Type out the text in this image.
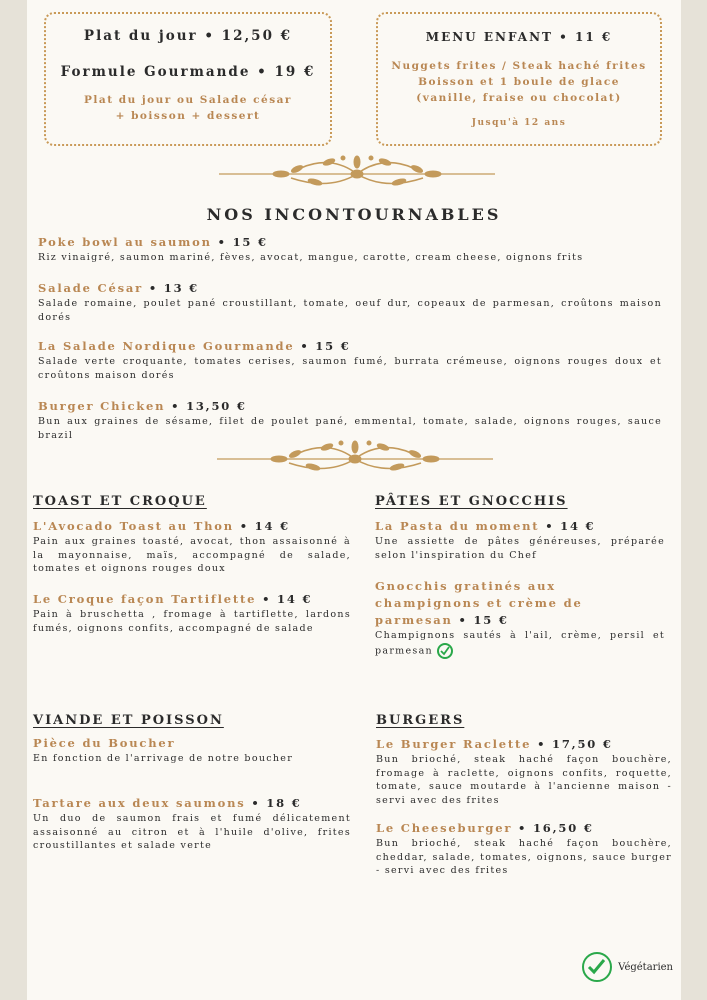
Plat du jour • 12,50 €
Formule Gourmande • 19 €
Plat du jour ou Salade césar
+ boisson + dessert
MENU ENFANT • 11 €
Nuggets frites / Steak haché frites
Boisson et 1 boule de glace
(vanille, fraise ou chocolat)
Jusqu'à 12 ans
NOS INCONTOURNABLES
Poke bowl au saumon • 15 €
Riz vinaigré, saumon mariné, fèves, avocat, mangue, carotte, cream cheese, oignons frits
Salade César • 13 €
Salade romaine, poulet pané croustillant, tomate, oeuf dur, copeaux de parmesan, croûtons maison dorés
La Salade Nordique Gourmande • 15 €
Salade verte croquante, tomates cerises, saumon fumé, burrata crémeuse, oignons rouges doux et croûtons maison dorés
Burger Chicken • 13,50 €
Bun aux graines de sésame, filet de poulet pané, emmental, tomate, salade, oignons rouges, sauce brazil
TOAST ET CROQUE
L'Avocado Toast au Thon • 14 €
Pain aux graines toasté, avocat, thon assaisonné à la mayonnaise, maïs, accompagné de salade, tomates et oignons rouges doux
Le Croque façon Tartiflette • 14 €
Pain à bruschetta , fromage à tartiflette, lardons fumés, oignons confits, accompagné de salade
PÂTES ET GNOCCHIS
La Pasta du moment • 14 €
Une assiette de pâtes généreuses, préparée selon l'inspiration du Chef
Gnocchis gratinés aux champignons et crème de parmesan • 15 €
Champignons sautés à l'ail, crème, persil et parmesan
VIANDE ET POISSON
Pièce du Boucher
En fonction de l'arrivage de notre boucher
Tartare aux deux saumons • 18 €
Un duo de saumon frais et fumé délicatement assaisonné au citron et à l'huile d'olive, frites croustillantes et salade verte
BURGERS
Le Burger Raclette • 17,50 €
Bun brioché, steak haché façon bouchère, fromage à raclette, oignons confits, roquette, tomate, sauce moutarde à l'ancienne maison - servi avec des frites
Le Cheeseburger • 16,50 €
Bun brioché, steak haché façon bouchère, cheddar, salade, tomates, oignons, sauce burger - servi avec des frites
Végétarien
